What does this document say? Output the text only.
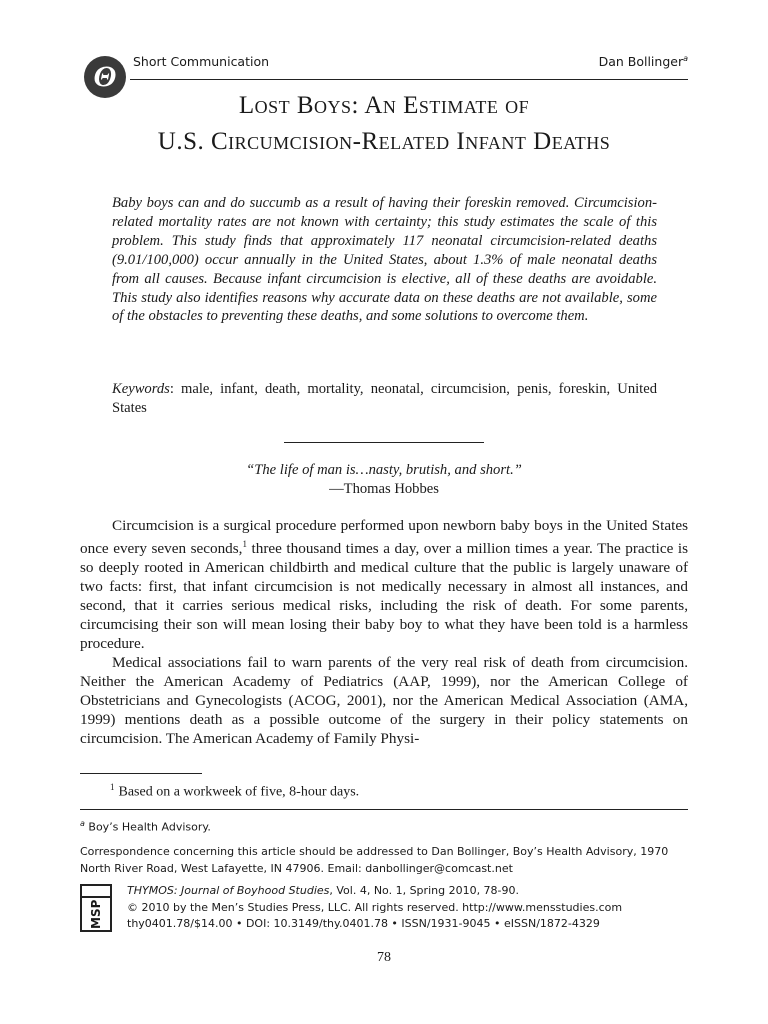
Θ Short Communication	Dan Bollinger$^a$
Lost Boys: An Estimate of
U.S. Circumcision-Related Infant Deaths
Baby boys can and do succumb as a result of having their foreskin removed. Circumcision-related mortality rates are not known with certainty; this study estimates the scale of this problem. This study finds that approximately 117 neonatal circumcision-related deaths (9.01/100,000) occur annually in the United States, about 1.3% of male neonatal deaths from all causes. Because infant circumcision is elective, all of these deaths are avoidable. This study also identifies reasons why accurate data on these deaths are not available, some of the obstacles to preventing these deaths, and some solutions to overcome them.
Keywords: male, infant, death, mortality, neonatal, circumcision, penis, foreskin, United States
“The life of man is…nasty, brutish, and short.”
—Thomas Hobbes

Circumcision is a surgical procedure performed upon newborn baby boys in the United States once every seven seconds,$^1$ three thousand times a day, over a million times a year. The practice is so deeply rooted in American childbirth and medical culture that the public is largely unaware of two facts: first, that infant circumcision is not medically necessary in almost all instances, and second, that it carries serious medical risks, including the risk of death. For some parents, circumcising their son will mean losing their baby boy to what they have been told is a harmless procedure.

Medical associations fail to warn parents of the very real risk of death from circumcision. Neither the American Academy of Pediatrics (AAP, 1999), nor the American College of Obstetricians and Gynecologists (ACOG, 2001), nor the American Medical Association (AMA, 1999) mentions death as a possible outcome of the surgery in their policy statements on circumcision. The American Academy of Family Physi-

$^1$ Based on a workweek of five, 8-hour days.
$^a$ Boy’s Health Advisory.
Correspondence concerning this article should be addressed to Dan Bollinger, Boy’s Health Advisory, 1970 North River Road, West Lafayette, IN 47906. Email: danbollinger@comcast.net
MSP
THYMOS: Journal of Boyhood Studies, Vol. 4, No. 1, Spring 2010, 78-90.
© 2010 by the Men’s Studies Press, LLC. All rights reserved. http://www.mensstudies.com
thy0401.78/$14.00 • DOI: 10.3149/thy.0401.78 • ISSN/1931-9045 • eISSN/1872-4329
78
